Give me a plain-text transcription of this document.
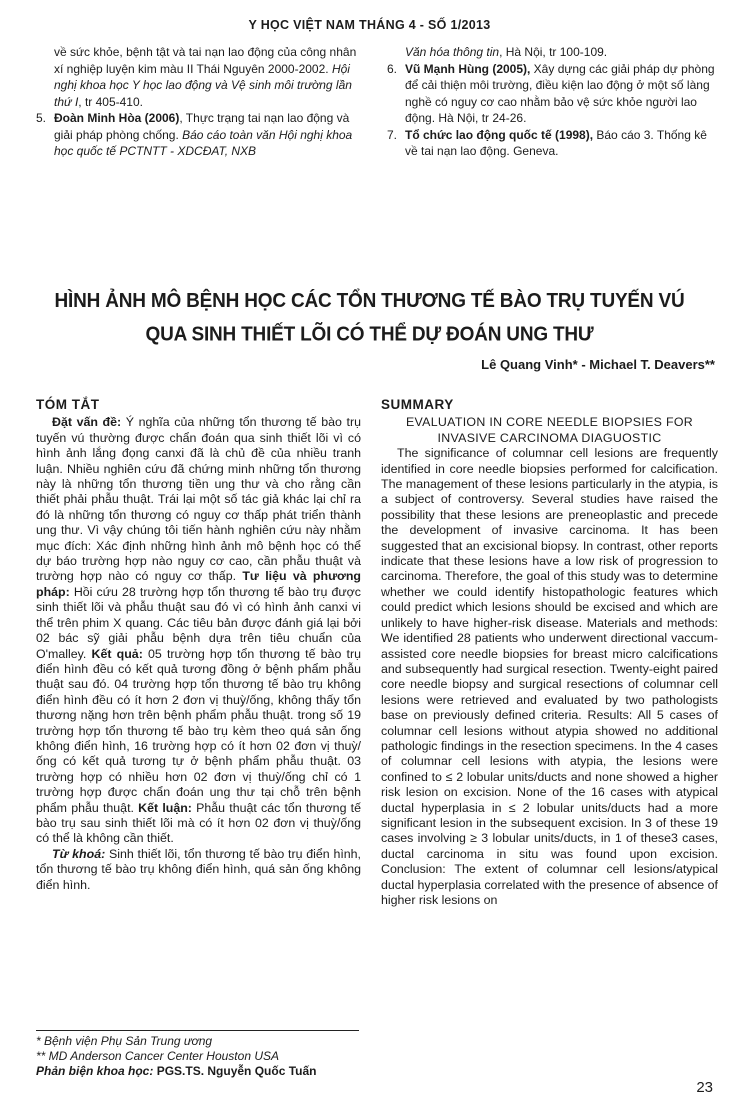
Y HỌC VIỆT NAM THÁNG 4 - SỐ 1/2013

về sức khỏe, bệnh tật và tai nạn lao động của công nhân xí nghiệp luyện kim màu II Thái Nguyên 2000-2002. Hội nghị khoa học Y học lao động và Vệ sinh môi trường lần thứ I, tr 405-410.

5. Đoàn Minh Hòa (2006), Thực trạng tai nạn lao động và giải pháp phòng chống. Báo cáo toàn văn Hội nghị khoa học quốc tế PCTNTT - XDCĐAT, NXB

Văn hóa thông tin, Hà Nội, tr 100-109.

6. Vũ Mạnh Hùng (2005), Xây dựng các giải pháp dự phòng để cải thiện môi trường, điều kiện lao động ở một số làng nghề có nguy cơ cao nhằm bảo vệ sức khỏe người lao động. Hà Nội, tr 24-26.

7. Tổ chức lao động quốc tế (1998), Báo cáo 3. Thống kê về tai nạn lao động. Geneva.

HÌNH ẢNH MÔ BỆNH HỌC CÁC TỔN THƯƠNG TẾ BÀO TRỤ TUYẾN VÚ
QUA SINH THIẾT LÕI CÓ THỂ DỰ ĐOÁN UNG THƯ
Lê Quang Vinh* - Michael T. Deavers**
TÓM TẮT

Đặt vấn đề: Ý nghĩa của những tổn thương tế bào trụ tuyến vú thường được chẩn đoán qua sinh thiết lõi vì có hình ảnh lắng đọng canxi đã là chủ đề của nhiều tranh luận. Nhiều nghiên cứu đã chứng minh những tổn thương này là những tổn thương tiền ung thư và cho rằng cần thiết phải phẫu thuật. Trái lại một số tác giả khác lại chỉ ra đó là những tổn thương có nguy cơ thấp phát triển thành ung thư. Vì vậy chúng tôi tiến hành nghiên cứu này nhằm mục đích: Xác định những hình ảnh mô bệnh học có thể dự báo trường hợp nào nguy cơ cao, cần phẫu thuật và trường hợp nào có nguy cơ thấp. Tư liệu và phương pháp: Hồi cứu 28 trường hợp tổn thương tế bào trụ được sinh thiết lõi và phẫu thuật sau đó vì có hình ảnh canxi vi thể trên phim X quang. Các tiêu bản được đánh giá lại bởi 02 bác sỹ giải phẫu bệnh dựa trên tiêu chuẩn của O'malley. Kết quả: 05 trường hợp tổn thương tế bào trụ điển hình đều có kết quả tương đồng ở bệnh phẩm phẫu thuật sau đó. 04 trường hợp tổn thương tế bào trụ không điển hình đều có ít hơn 2 đơn vị thuỳ/ống, không thấy tổn thương nặng hơn trên bệnh phẩm phẫu thuật. trong số 19 trường hợp tổn thương tế bào trụ kèm theo quá sản ống không điển hình, 16 trường hợp có ít hơn 02 đơn vị thuỳ/ống có kết quả tương tự ở bệnh phẩm phẫu thuật. 03 trường hợp có nhiều hơn 02 đơn vị thuỳ/ống chỉ có 1 trường hợp được chẩn đoán ung thư tại chỗ trên bệnh phẩm phẫu thuật. Kết luận: Phẫu thuật các tổn thương tế bào trụ sau sinh thiết lõi mà có ít hơn 02 đơn vị thuỳ/ống có thể là không cần thiết.

Từ khoá: Sinh thiết lõi, tổn thương tế bào trụ điển hình, tổn thương tế bào trụ không điển hình, quá sản ống không điển hình.

SUMMARY
EVALUATION IN CORE NEEDLE BIOPSIES FOR
INVASIVE CARCINOMA DIAGUOSTIC

The significance of columnar cell lesions are frequently identified in core needle biopsies performed for calcification. The management of these lesions particularly in the atypia, is a subject of controversy. Several studies have raised the possibility that these lesions are preneoplastic and precede the development of invasive carcinoma. It has been suggested that an excisional biopsy. In contrast, other reports indicate that these lesions have a low risk of progression to carcinoma. Therefore, the goal of this study was to determine whether we could identify histopathologic features which could predict which lesions should be excised and which are unlikely to have higher-risk disease. Materials and methods: We identified 28 patients who underwent directional vaccum-assisted core needle biopsies for breast micro calcifications and subsequently had surgical resection. Twenty-eight paired core needle biopsy and surgical resections of columnar cell lesions were retrieved and evaluated by two pathologists base on previously defined criteria. Results: All 5 cases of columnar cell lesions without atypia showed no additional pathologic findings in the resection specimens. In the 4 cases of columnar cell lesions with atypia, the lesions were confined to ≤ 2 lobular units/ducts and none showed a higher risk lesion on excision. None of the 16 cases with atypical ductal hyperplasia in ≤ 2 lobular units/ducts had a more significant lesion in the subsequent excision. In 3 of these 19 cases involving ≥ 3 lobular units/ducts, in 1 of these3 cases, ductal carcinoma in situ was found upon excision. Conclusion: The extent of columnar cell lesions/atypical ductal hyperplasia correlated with the presence of absence of higher risk lesions on

* Bệnh viện Phụ Sản Trung ương
** MD Anderson Cancer Center Houston USA
Phản biện khoa học: PGS.TS. Nguyễn Quốc Tuấn
23
